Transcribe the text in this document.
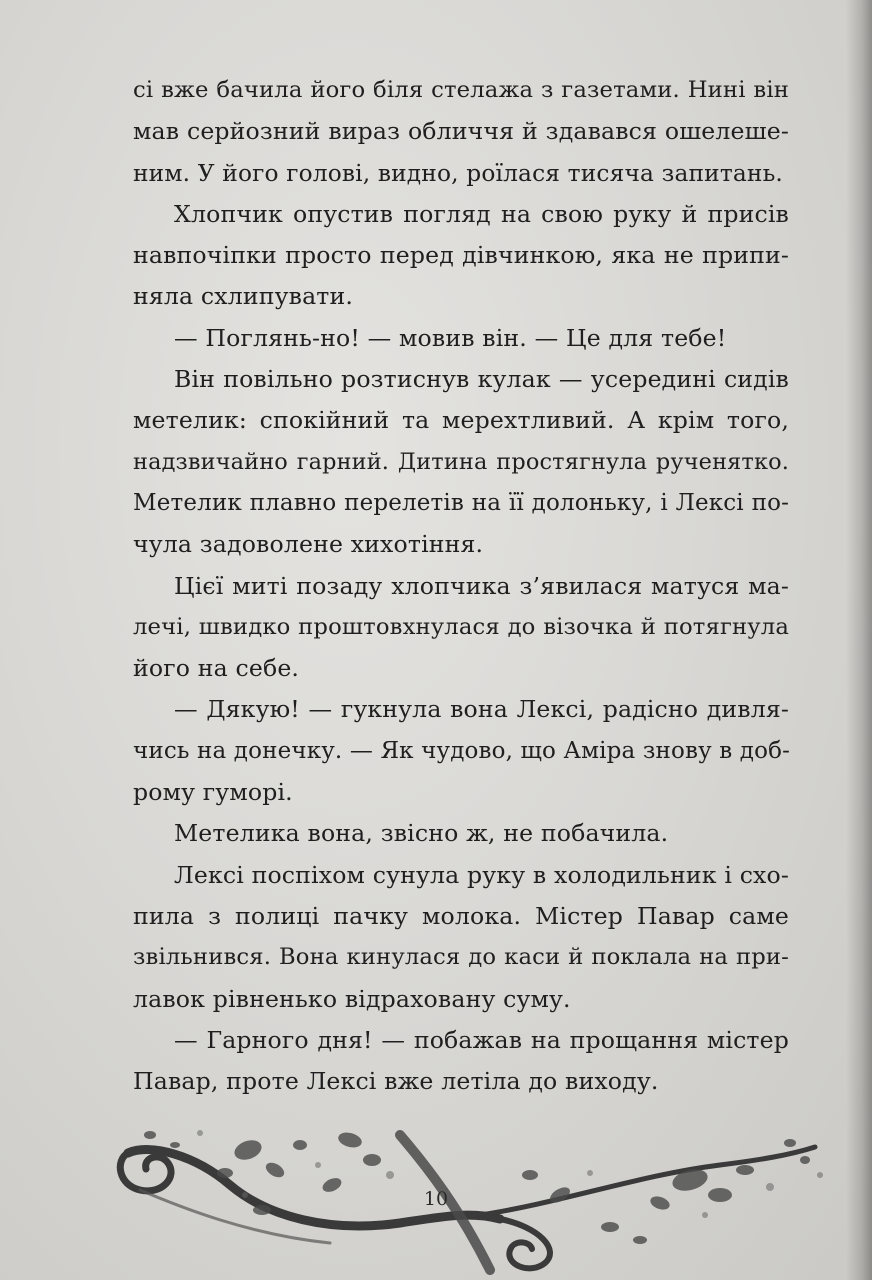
сі вже бачила його біля стелажа з газетами. Нині він
мав серйозний вираз обличчя й здавався ошелешe-
ним. У його голові, видно, роїлася тисяча запитань.
Хлопчик опустив погляд на свою руку й присів
навпочіпки просто перед дівчинкою, яка не припи-
няла схлипувати.
— Поглянь-но! — мовив він. — Це для тебе!
Він повільно розтиснув кулак — усередині сидів
метелик: спокійний та мерехтливий. А крім того,
надзвичайно гарний. Дитина простягнула рученятко.
Метелик плавно перелетів на її долоньку, і Лексі по-
чула задоволене хихотіння.
Цієї миті позаду хлопчика з’явилася матуся ма-
лечі, швидко проштовхнулася до візочка й потягнула
його на себе.
— Дякую! — гукнула вона Лексі, радісно дивля-
чись на донечку. — Як чудово, що Аміра знову в доб-
рому гуморі.
Метелика вона, звісно ж, не побачила.
Лексі поспіхом сунула руку в холодильник і схо-
пила з полиці пачку молока. Містер Павар саме
звільнився. Вона кинулася до каси й поклала на при-
лавок рівненько відраховану суму.
— Гарного дня! — побажав на прощання містер
Павар, проте Лексі вже летіла до виходу.
10
